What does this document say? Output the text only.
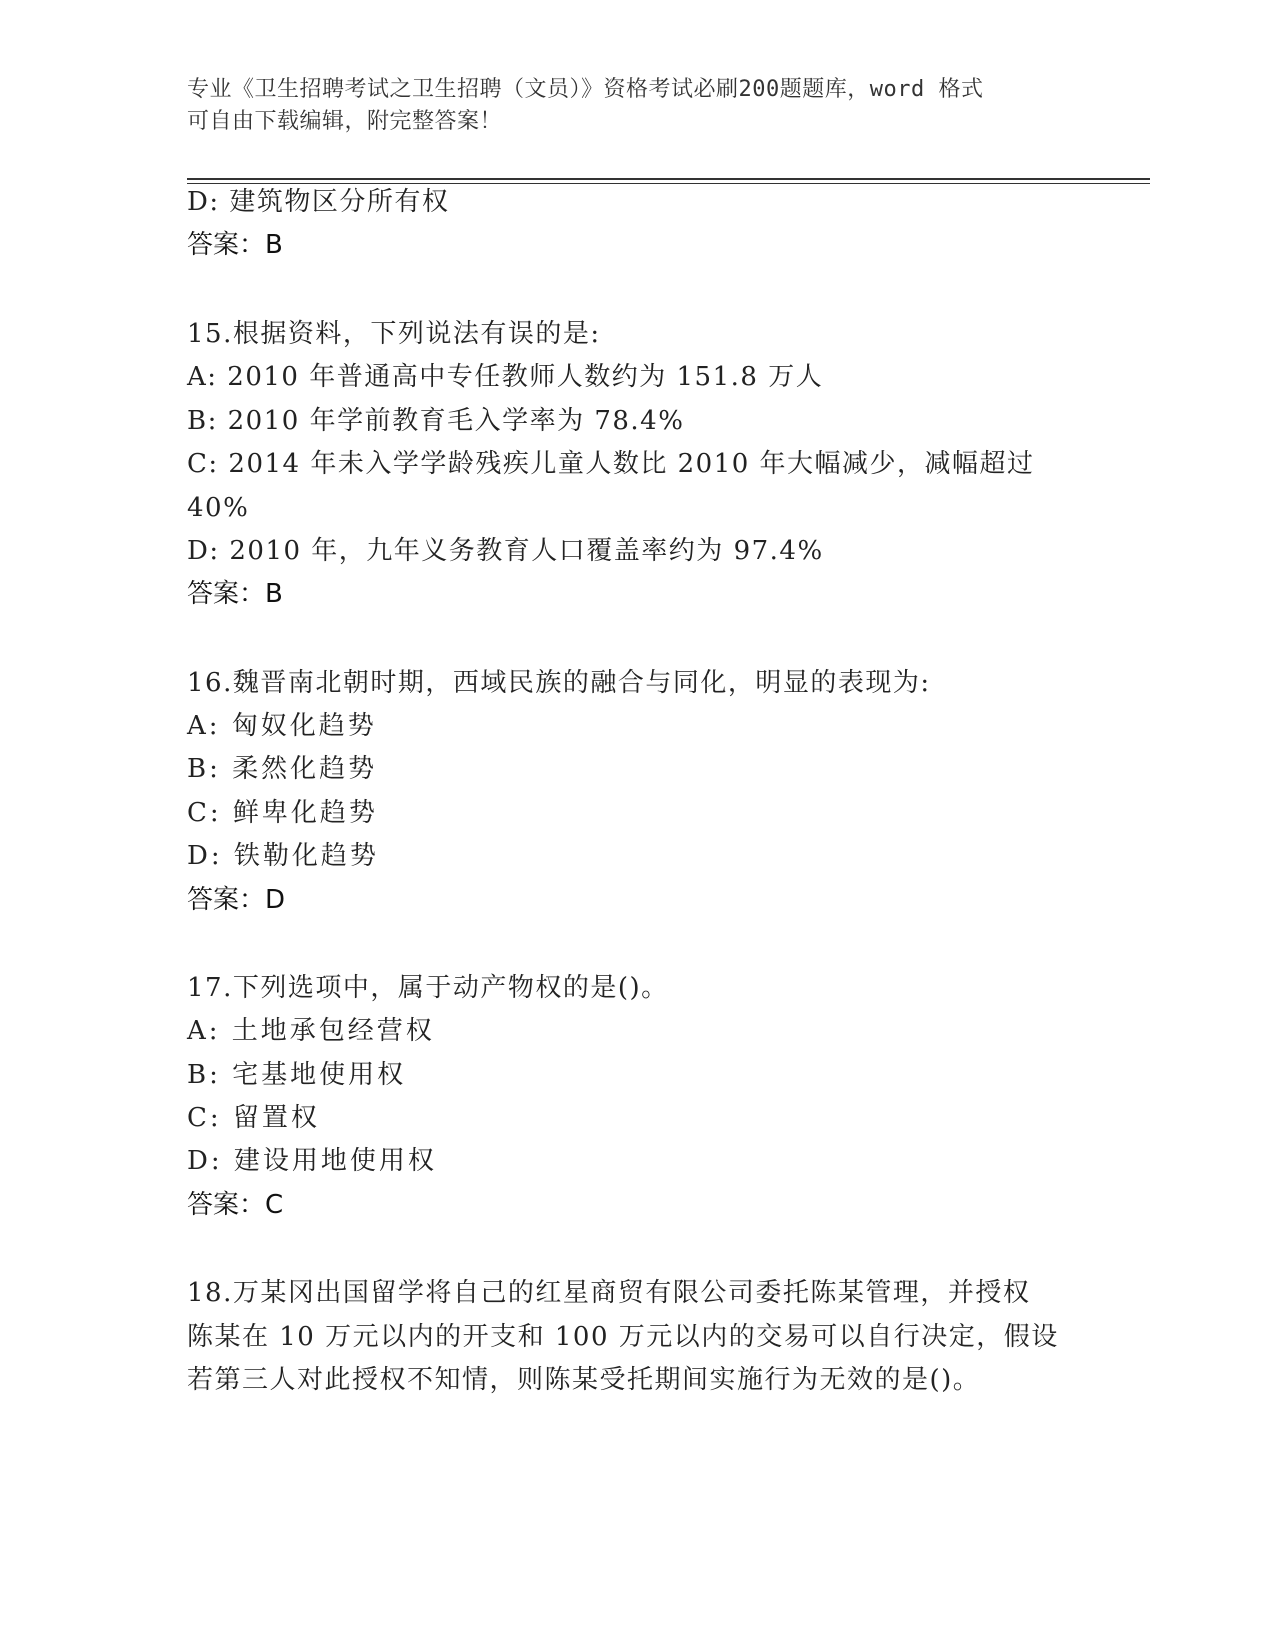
专业《卫生招聘考试之卫生招聘（文员）》资格考试必刷200题题库，word 格式
可自由下载编辑，附完整答案！
D: 建筑物区分所有权
答案：B
15.根据资料，下列说法有误的是:
A: 2010 年普通高中专任教师人数约为 151.8 万人
B: 2010 年学前教育毛入学率为 78.4%
C: 2014 年未入学学龄残疾儿童人数比 2010 年大幅减少，减幅超过
40%
D: 2010 年，九年义务教育人口覆盖率约为 97.4%
答案：B
16.魏晋南北朝时期，西域民族的融合与同化，明显的表现为:
A: 匈奴化趋势
B: 柔然化趋势
C: 鲜卑化趋势
D: 铁勒化趋势
答案：D
17.下列选项中，属于动产物权的是()。
A: 土地承包经营权
B: 宅基地使用权
C: 留置权
D: 建设用地使用权
答案：C
18.万某冈出国留学将自己的红星商贸有限公司委托陈某管理，并授权
陈某在 10 万元以内的开支和 100 万元以内的交易可以自行决定，假设
若第三人对此授权不知情，则陈某受托期间实施行为无效的是()。
